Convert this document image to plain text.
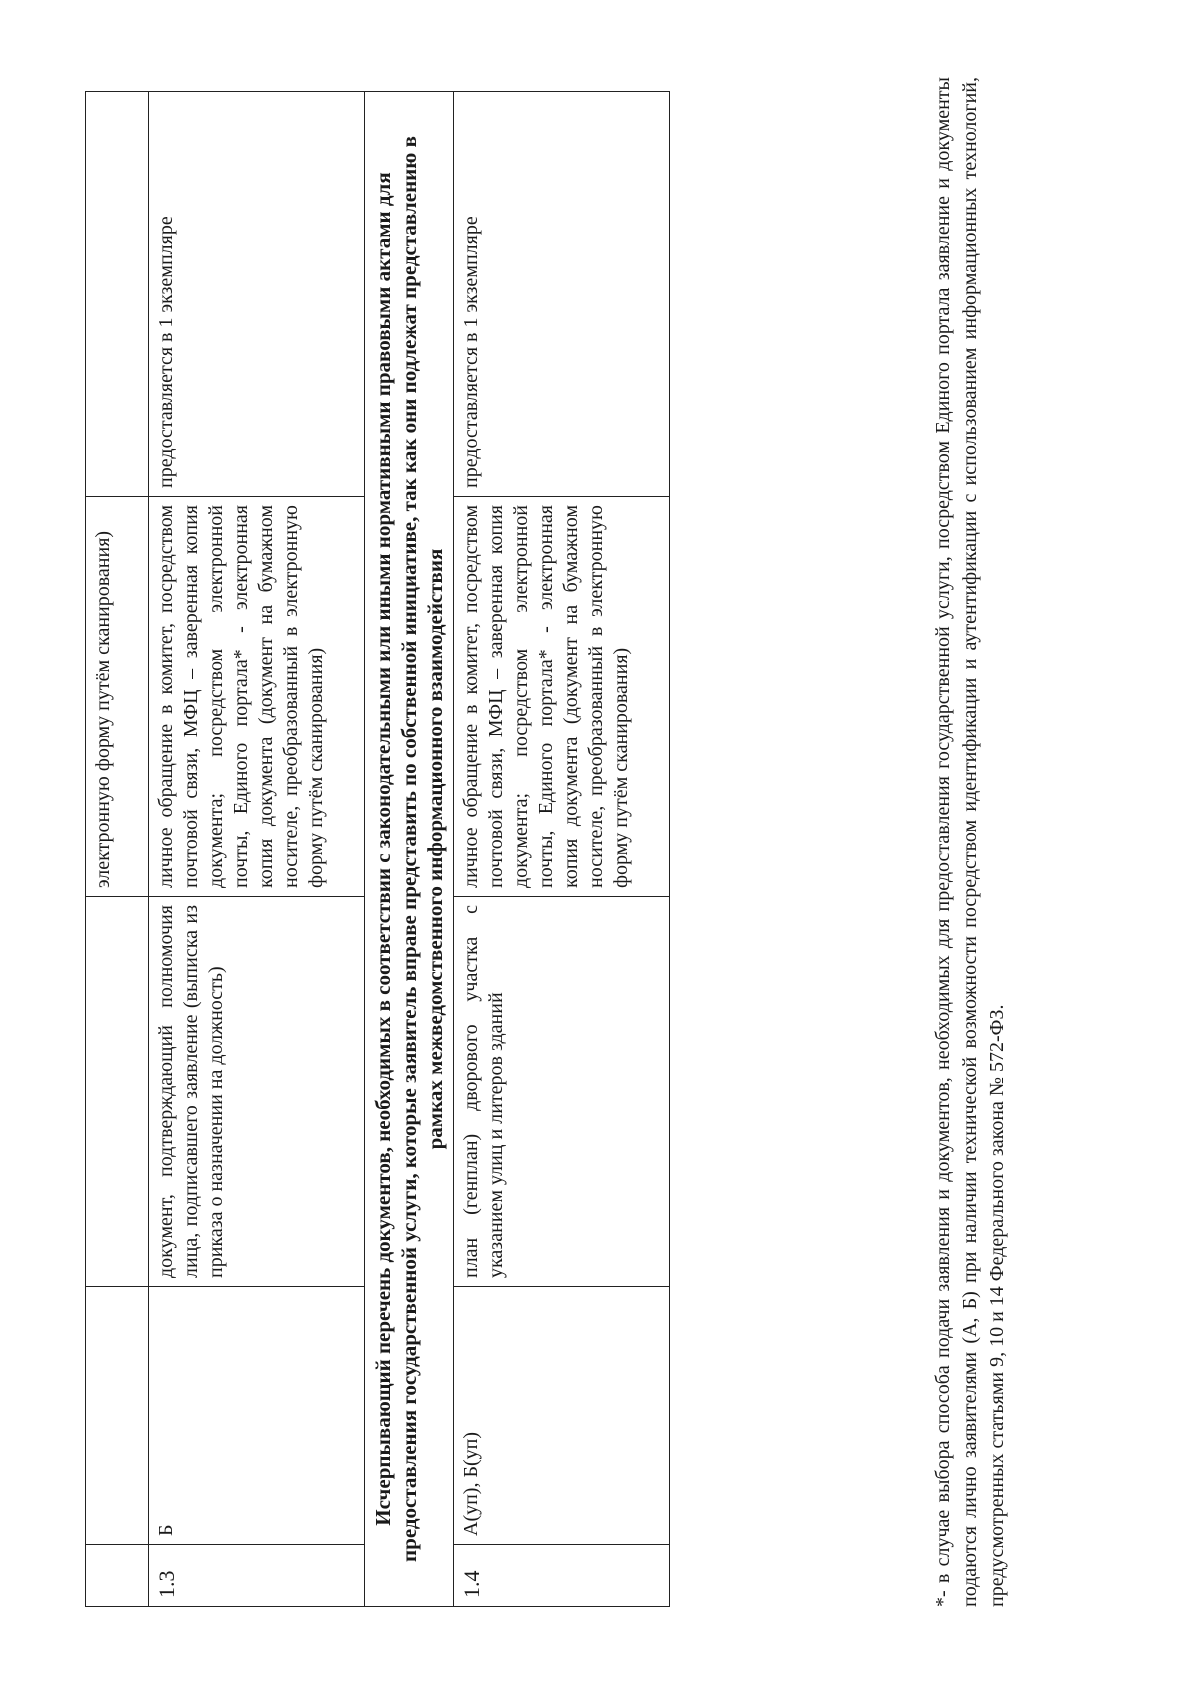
			электронную форму путём сканирования)	
1.3	Б	документ, подтверждающий полномочия лица, подписавшего заявление (выписка из приказа о назначении на должность)	личное обращение в комитет, посредством почтовой связи, МФЦ – заверенная копия документа; посредством электронной почты, Единого портала* - электронная копия документа (документ на бумажном носителе, преобразованный в электронную форму путём сканирования)	предоставляется в 1 экземпляре
Исчерпывающий перечень документов, необходимых в соответствии с законодательными или иными нормативными правовыми актами для предоставления государственной услуги, которые заявитель вправе представить по собственной инициативе, так как они подлежат представлению в рамках межведомственного информационного взаимодействия				
1.4	А(уп), Б(уп)	план (генплан) дворового участка с указанием улиц и литеров зданий	личное обращение в комитет, посредством почтовой связи, МФЦ – заверенная копия документа; посредством электронной почты, Единого портала* - электронная копия документа (документ на бумажном носителе, преобразованный в электронную форму путём сканирования)	предоставляется в 1 экземпляре	*- в случае выбора способа подачи заявления и документов, необходимых для предоставления государственной услуги, посредством Единого портала заявление и документы подаются лично заявителями (А, Б) при наличии технической возможности посредством идентификации и аутентификации с использованием информационных технологий, предусмотренных статьями 9, 10 и 14 Федерального закона № 572-ФЗ.
